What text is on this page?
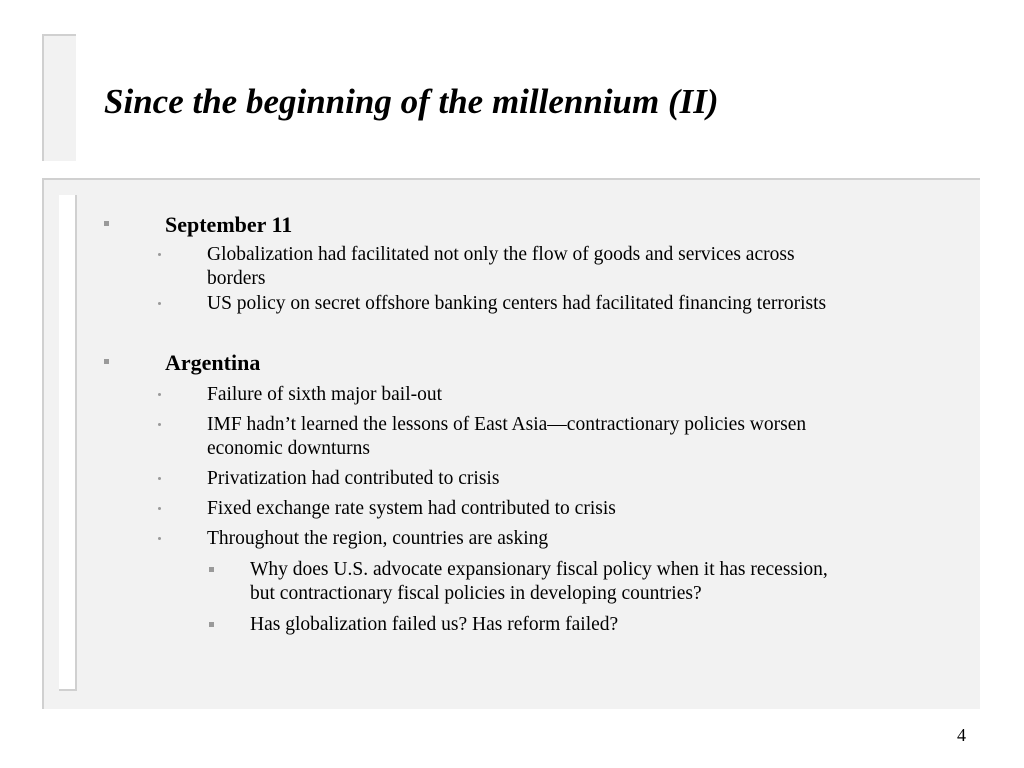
Since the beginning of the millennium (II)
September 11
Globalization had facilitated not only the flow of goods and services across
borders
US policy on secret offshore banking centers had facilitated financing terrorists
Argentina
Failure of sixth major bail-out
IMF hadn’t learned the lessons of East Asia—contractionary policies worsen
economic downturns
Privatization had contributed to crisis
Fixed exchange rate system had contributed to crisis
Throughout the region, countries are asking
Why does U.S. advocate expansionary fiscal policy when it has recession,
but contractionary fiscal policies in developing countries?
Has globalization failed us? Has reform failed?
4
